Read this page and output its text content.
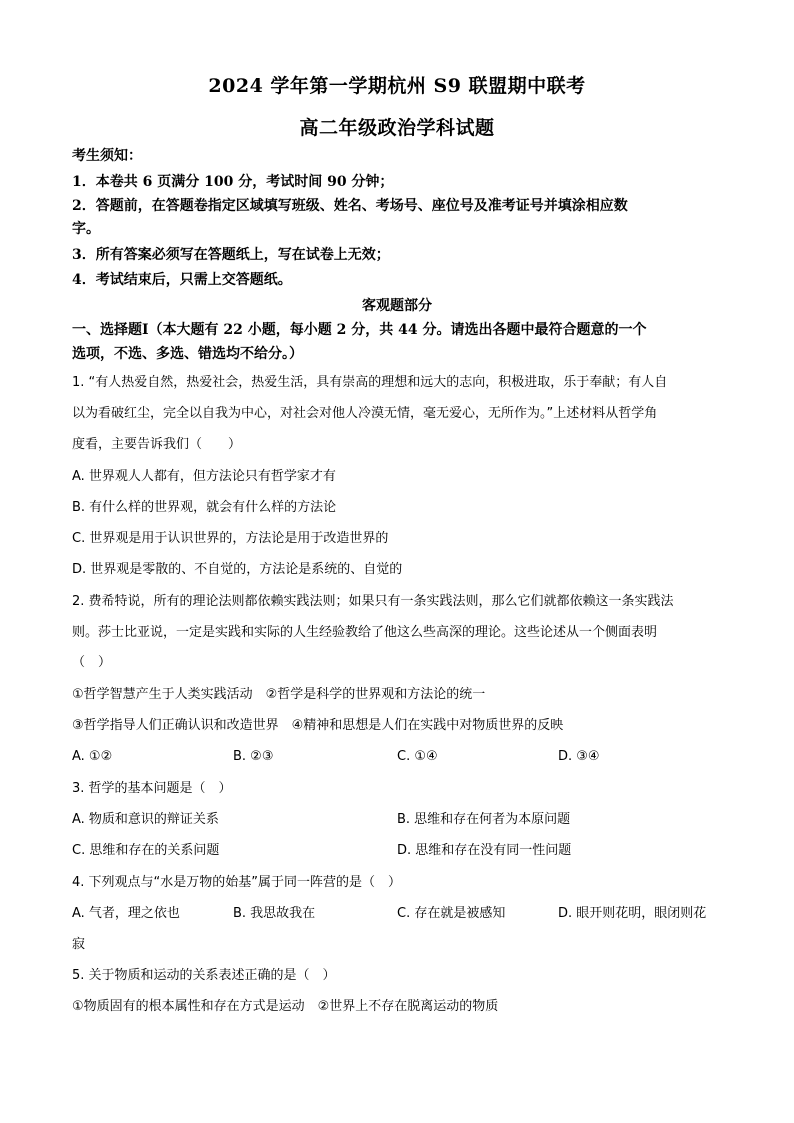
2024 学年第一学期杭州 S9 联盟期中联考
高二年级政治学科试题
考生须知：
1．本卷共 6 页满分 100 分，考试时间 90 分钟；
2．答题前，在答题卷指定区域填写班级、姓名、考场号、座位号及准考证号并填涂相应数
字。
3．所有答案必须写在答题纸上，写在试卷上无效；
4．考试结束后，只需上交答题纸。
客观题部分
一、选择题Ⅰ（本大题有 22 小题，每小题 2 分，共 44 分。请选出各题中最符合题意的一个
选项，不选、多选、错选均不给分。）
1. “有人热爱自然，热爱社会，热爱生活，具有崇高的理想和远大的志向，积极进取，乐于奉献；有人自
以为看破红尘，完全以自我为中心，对社会对他人冷漠无情，毫无爱心，无所作为。”上述材料从哲学角
度看，主要告诉我们（　　）
A. 世界观人人都有，但方法论只有哲学家才有
B. 有什么样的世界观，就会有什么样的方法论
C. 世界观是用于认识世界的，方法论是用于改造世界的
D. 世界观是零散的、不自觉的，方法论是系统的、自觉的
2. 费希特说，所有的理论法则都依赖实践法则；如果只有一条实践法则，那么它们就都依赖这一条实践法
则。莎士比亚说，一定是实践和实际的人生经验教给了他这么些高深的理论。这些论述从一个侧面表明
（　）
①哲学智慧产生于人类实践活动　②哲学是科学的世界观和方法论的统一
③哲学指导人们正确认识和改造世界　④精神和思想是人们在实践中对物质世界的反映
A. ①②	B. ②③	C. ①④	D. ③④
3. 哲学的基本问题是（　）
A. 物质和意识的辩证关系	B. 思维和存在何者为本原问题
C. 思维和存在的关系问题	D. 思维和存在没有同一性问题
4. 下列观点与“水是万物的始基”属于同一阵营的是（　）
A. 气者，理之依也	B. 我思故我在	C. 存在就是被感知	D. 眼开则花明，眼闭则花
寂
5. 关于物质和运动的关系表述正确的是（　）
①物质固有的根本属性和存在方式是运动　②世界上不存在脱离运动的物质
